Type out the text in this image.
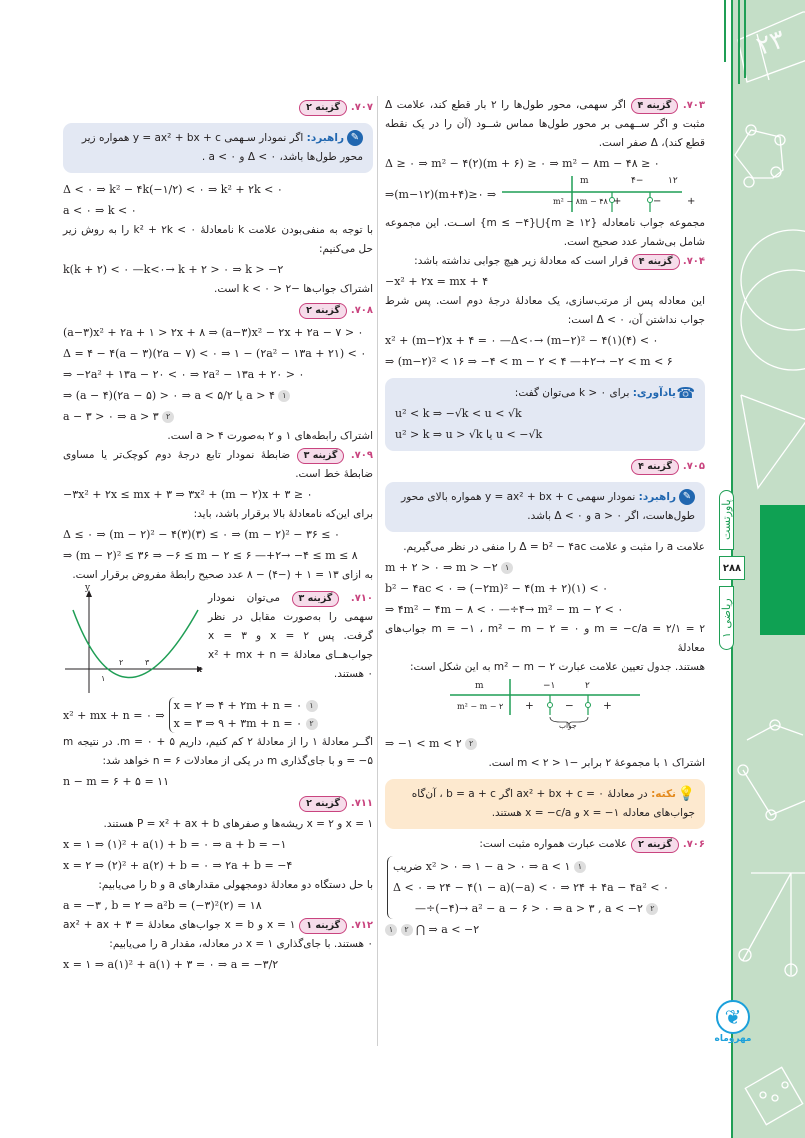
۲۳
پاورتست
۲۸۸
ریاضی ۱
❦
مهروماه
۷۰۳. گزینه ۴ اگر سهمی، محور طول‌ها را ۲ بار قطع کند، علامت Δ مثبت و اگر ســهمی بر محور طول‌ها مماس شــود (آن را در یک نقطه قطع کند)، Δ صفر است.
Δ ≥ ۰ ⇒ m² − ۴(۲)(m + ۶) ≥ ۰ ⇒ m² − ۸m − ۴۸ ≥ ۰
⇒(m−۱۲)(m+۴)≥۰ ⇒
m
m² − ۸m − ۴۸
−۴	۱۲
+	−	+
مجموعه جواب نامعادله {m ≥ ۱۲}⋃{m ≤ −۴} اســت. این مجموعه شامل بی‌شمار عدد صحیح است.
۷۰۴. گزینه ۴ قرار است که معادلهٔ زیر هیچ جوابی نداشته باشد:
−x² + ۲x = mx + ۴
این معادله پس از مرتب‌سازی، یک معادلهٔ درجهٔ دوم است. پس شرط جواب نداشتن آن، Δ < ۰ است:
x² + (m−۲)x + ۴ = ۰ —Δ<۰→ (m−۲)² − ۴(۱)(۴) < ۰
⇒ (m−۲)² < ۱۶ ⇒ −۴ < m − ۲ < ۴ —+۲→ −۲ < m < ۶
☎یادآوری: برای k > ۰ می‌توان گفت:
u² < k ⇒ −√k < u < √k
u² > k ⇒ u > √k یا u < −√k
۷۰۵.
گزینه ۴
✎راهبرد: نمودار سهمی y = ax² + bx + c همواره بالای محور طول‌هاست، اگر a > ۰ و Δ < ۰ باشد.
علامت a را مثبت و علامت Δ = b² − ۴ac را منفی در نظر می‌گیریم.
m + ۲ > ۰ ⇒ m > −۲ ۱
b² − ۴ac < ۰ ⇒ (−۲m)² − ۴(m + ۲)(۱) < ۰
⇒ ۴m² − ۴m − ۸ < ۰ —÷۴→ m² − m − ۲ < ۰
m = −c/a = ۲/۱ = ۲ و m = −۱ ، m² − m − ۲ = ۰ جواب‌های معادلهٔ
هستند. جدول تعیین علامت عبارت m² − m − ۲ به این شکل است:
m
m² − m − ۲
−۱	۲
+	−	+
جواب
⇒ −۱ < m < ۲ ۲
اشتراک ۱ با مجموعهٔ ۲ برابر −۱ < m < ۲ است.
💡نکته: در معادلهٔ ax² + bx + c = ۰ اگر b = a + c ، آن‌گاه جواب‌های معادله x = −۱ و x = −c/a هستند.
۷۰۶.
گزینه ۲
علامت عبارت همواره مثبت است:
ضریب x² > ۰ ⇒ ۱ − a > ۰ ⇒ a < ۱ ۱
Δ < ۰ ⇒ ۲۴ − ۴(۱ − a)(−a) < ۰ ⇒ ۲۴ + ۴a − ۴a² < ۰
—÷(−۴)→ a² − a − ۶ > ۰ ⇒ a > ۳ , a < −۲ ۲
۱ ۲ ⋂ ⇒ a < −۲
۷۰۷.
گزینه ۲
✎راهبرد: اگر نمودار سـهمی y = ax² + bx + c همواره زیر محور طول‌ها باشد، Δ < ۰ و a < ۰ .
Δ < ۰ ⇒ k² − ۴k(−۱/۲) < ۰ ⇒ k² + ۲k < ۰
a < ۰ ⇒ k < ۰
با توجه به منفی‌بودن علامت k نامعادلهٔ k² + ۲k < ۰ را به روش زیر حل می‌کنیم:
k(k + ۲) < ۰ —k<۰→ k + ۲ > ۰ ⇒ k > −۲
اشتراک جواب‌ها −۲ < k < ۰ است.
۷۰۸.
گزینه ۲
(a−۳)x² + ۲a + ۱ > ۲x + ۸ ⇒ (a−۳)x² − ۲x + ۲a − ۷ > ۰
Δ = ۴ − ۴(a − ۳)(۲a − ۷) < ۰ ⇒ ۱ − (۲a² − ۱۳a + ۲۱) < ۰
⇒ −۲a² + ۱۳a − ۲۰ < ۰ ⇒ ۲a² − ۱۳a + ۲۰ > ۰
⇒ (a − ۴)(۲a − ۵) > ۰ ⇒ a < ۵/۲ یا a > ۴ ۱
a − ۳ > ۰ ⇒ a > ۳ ۲
اشتراک رابطه‌های ۱ و ۲ به‌صورت a > ۴ است.
۷۰۹. گزینه ۳ ضابطهٔ نمودار تابع درجهٔ دوم کوچک‌تر یا مساوی ضابطهٔ خط است.
−۳x² + ۲x ≤ mx + ۳ ⇒ ۳x² + (m − ۲)x + ۳ ≥ ۰
برای این‌که نامعادلهٔ بالا برقرار باشد، باید:
Δ ≤ ۰ ⇒ (m − ۲)² − ۴(۳)(۳) ≤ ۰ ⇒ (m − ۲)² − ۳۶ ≤ ۰
⇒ (m − ۲)² ≤ ۳۶ ⇒ −۶ ≤ m − ۲ ≤ ۶ —+۲→ −۴ ≤ m ≤ ۸
به ازای ۱۳ = ۱ + (−۴) − ۸ عدد صحیح رابطهٔ مفروض برقرار است.
y
x
۱
۲	۳
۷۱۰. گزینه ۳ می‌توان نمودار سهمی را به‌صورت مقابل در نظر گرفت. پس x = ۲ و x = ۳ جواب‌هــای معادلهٔ x² + mx + n = ۰ هستند.
x² + mx + n = ۰ ⇒
x = ۲ ⇒ ۴ + ۲m + n = ۰ ۱
x = ۳ ⇒ ۹ + ۳m + n = ۰ ۲
اگــر معادلهٔ ۱ را از معادلهٔ ۲ کم کنیم، داریم ۵ + m = ۰. در نتیجه m = −۵ و با جای‌گذاری m در یکی از معادلات n = ۶ خواهد شد:
n − m = ۶ + ۵ = ۱۱
۷۱۱.
گزینه ۲
x = ۱ و x = ۲ ریشه‌ها و صفرهای P = x² + ax + b هستند.
x = ۱ ⇒ (۱)² + a(۱) + b = ۰ ⇒ a + b = −۱
x = ۲ ⇒ (۲)² + a(۲) + b = ۰ ⇒ ۲a + b = −۴
با حل دستگاه دو معادلهٔ دومجهولی مقدارهای a و b را می‌یابیم:
a = −۳ , b = ۲ ⇒ a²b = (−۳)²(۲) = ۱۸
۷۱۲. گزینه ۱ x = ۱ و x = b جواب‌های معادلهٔ ax² + ax + ۳ = ۰ هستند. با جای‌گذاری x = ۱ در معادله، مقدار a را می‌یابیم:
x = ۱ ⇒ a(۱)² + a(۱) + ۳ = ۰ ⇒ a = −۳/۲
